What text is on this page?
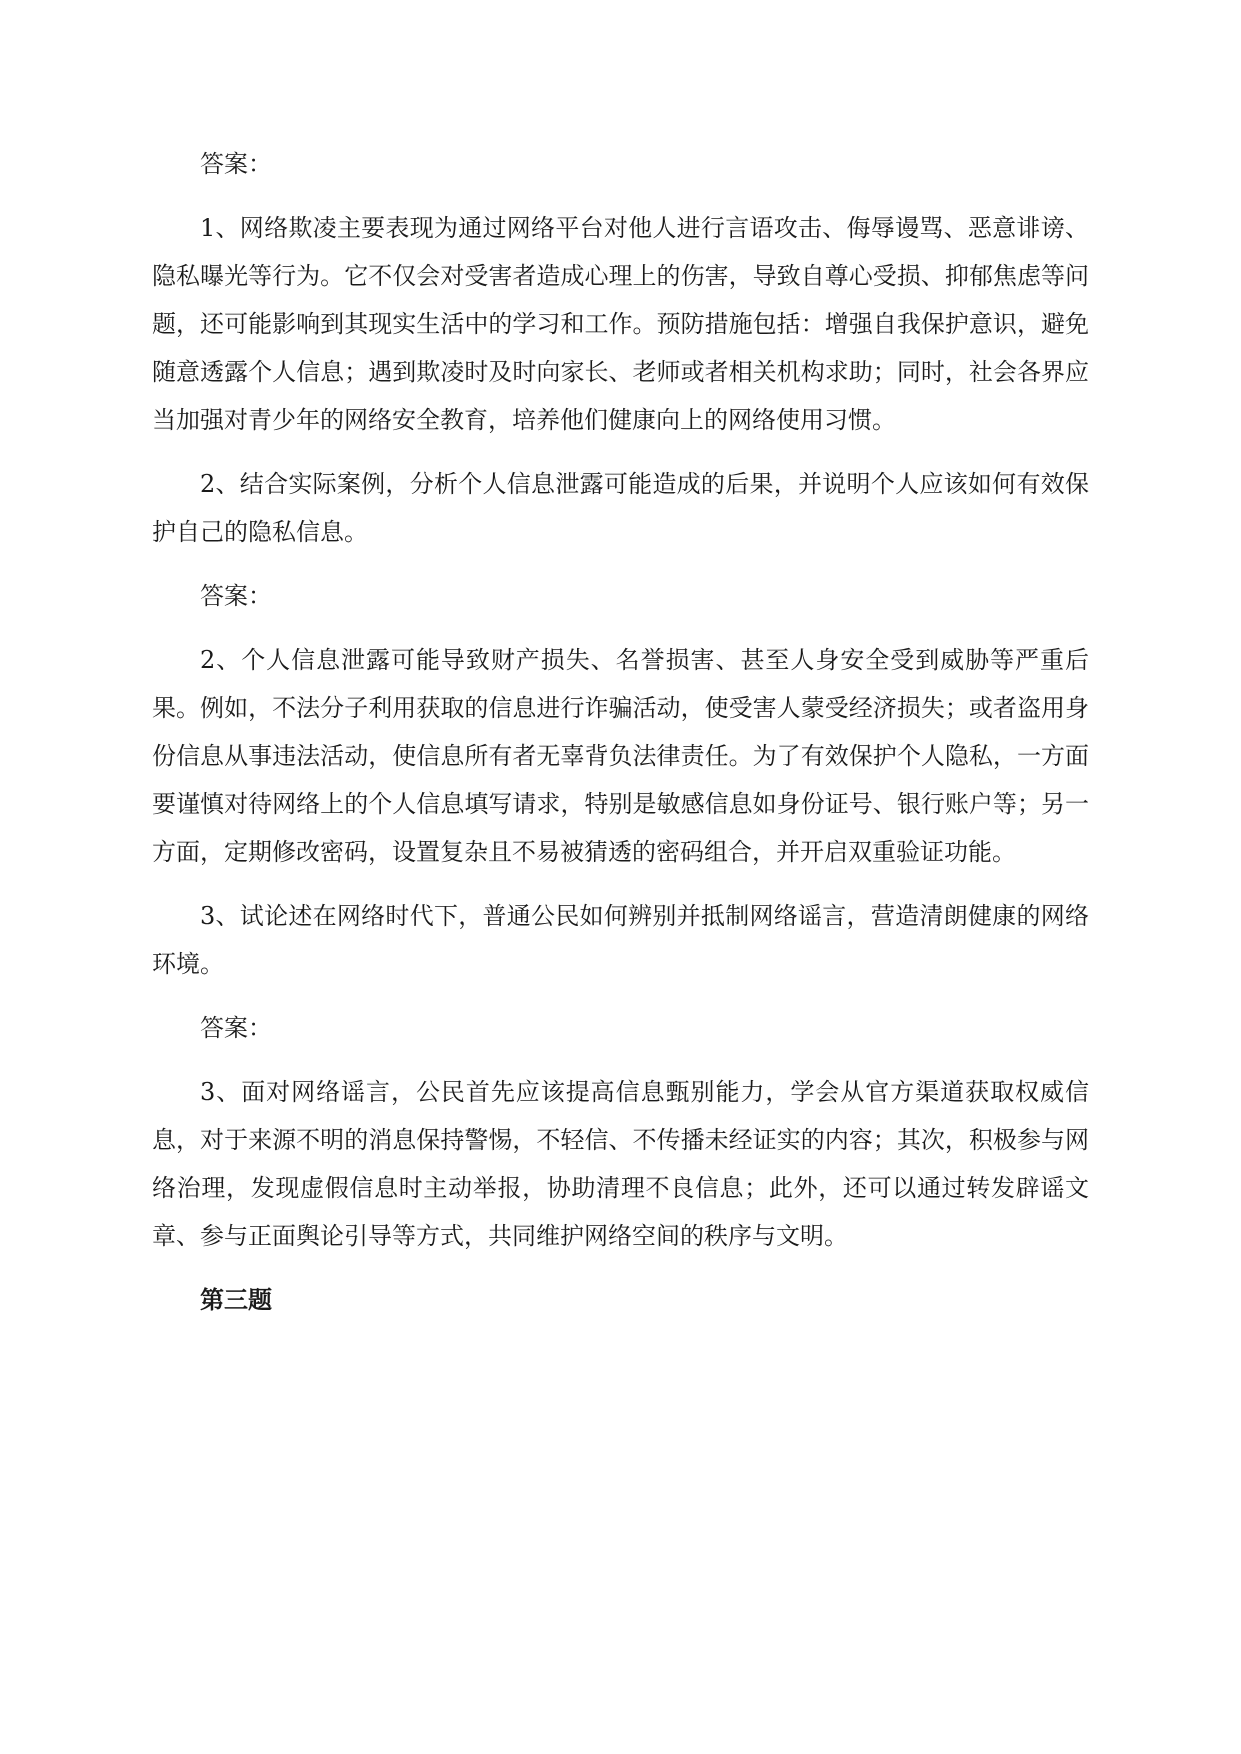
答案：

1、网络欺凌主要表现为通过网络平台对他人进行言语攻击、侮辱谩骂、恶意诽谤、隐私曝光等行为。它不仅会对受害者造成心理上的伤害，导致自尊心受损、抑郁焦虑等问题，还可能影响到其现实生活中的学习和工作。预防措施包括：增强自我保护意识，避免随意透露个人信息；遇到欺凌时及时向家长、老师或者相关机构求助；同时，社会各界应当加强对青少年的网络安全教育，培养他们健康向上的网络使用习惯。

2、结合实际案例，分析个人信息泄露可能造成的后果，并说明个人应该如何有效保护自己的隐私信息。

答案：

2、个人信息泄露可能导致财产损失、名誉损害、甚至人身安全受到威胁等严重后果。例如，不法分子利用获取的信息进行诈骗活动，使受害人蒙受经济损失；或者盗用身份信息从事违法活动，使信息所有者无辜背负法律责任。为了有效保护个人隐私，一方面要谨慎对待网络上的个人信息填写请求，特别是敏感信息如身份证号、银行账户等；另一方面，定期修改密码，设置复杂且不易被猜透的密码组合，并开启双重验证功能。

3、试论述在网络时代下，普通公民如何辨别并抵制网络谣言，营造清朗健康的网络环境。

答案：

3、面对网络谣言，公民首先应该提高信息甄别能力，学会从官方渠道获取权威信息，对于来源不明的消息保持警惕，不轻信、不传播未经证实的内容；其次，积极参与网络治理，发现虚假信息时主动举报，协助清理不良信息；此外，还可以通过转发辟谣文章、参与正面舆论引导等方式，共同维护网络空间的秩序与文明。

第三题
